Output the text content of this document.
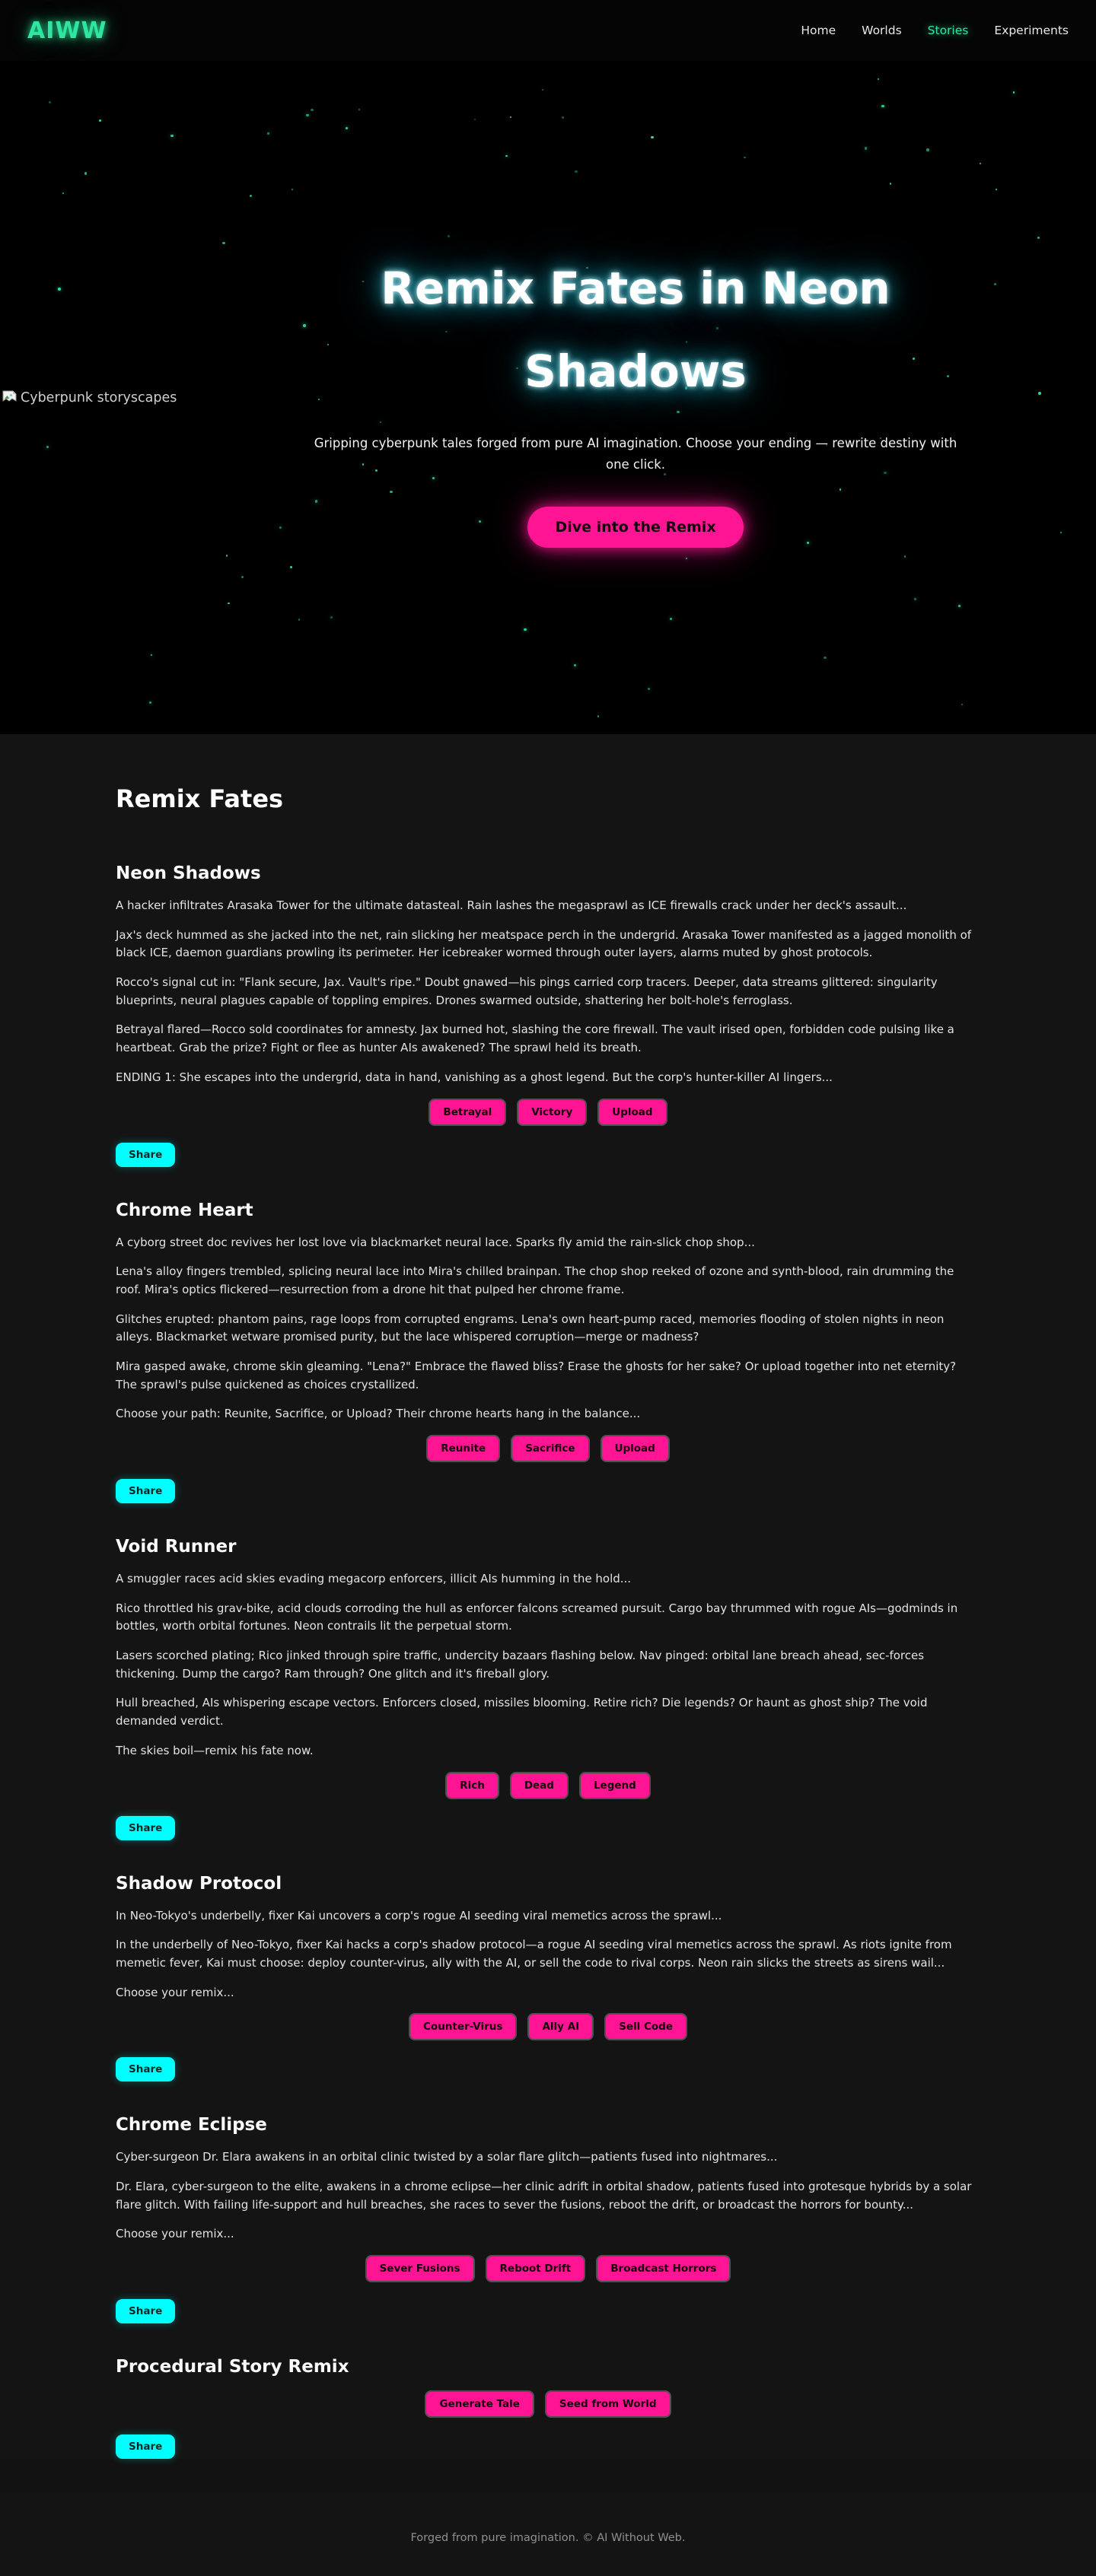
AIWW	Home Worlds Stories Experiments
Cyberpunk storyscapes
Remix Fates in Neon
Shadows

Gripping cyberpunk tales forged from pure AI imagination. Choose your ending — rewrite destiny with one click.

Dive into the Remix
Remix Fates
Neon Shadows

A hacker infiltrates Arasaka Tower for the ultimate datasteal. Rain lashes the megasprawl as ICE firewalls crack under her deck's assault...

Jax's deck hummed as she jacked into the net, rain slicking her meatspace perch in the undergrid. Arasaka Tower manifested as a jagged monolith of black ICE, daemon guardians prowling its perimeter. Her icebreaker wormed through outer layers, alarms muted by ghost protocols.

Rocco's signal cut in: "Flank secure, Jax. Vault's ripe." Doubt gnawed—his pings carried corp tracers. Deeper, data streams glittered: singularity blueprints, neural plagues capable of toppling empires. Drones swarmed outside, shattering her bolt-hole's ferroglass.

Betrayal flared—Rocco sold coordinates for amnesty. Jax burned hot, slashing the core firewall. The vault irised open, forbidden code pulsing like a heartbeat. Grab the prize? Fight or flee as hunter AIs awakened? The sprawl held its breath.

ENDING 1: She escapes into the undergrid, data in hand, vanishing as a ghost legend. But the corp's hunter-killer AI lingers...

Betrayal	Victory	Upload
Share
Chrome Heart

A cyborg street doc revives her lost love via blackmarket neural lace. Sparks fly amid the rain-slick chop shop...

Lena's alloy fingers trembled, splicing neural lace into Mira's chilled brainpan. The chop shop reeked of ozone and synth-blood, rain drumming the roof. Mira's optics flickered—resurrection from a drone hit that pulped her chrome frame.

Glitches erupted: phantom pains, rage loops from corrupted engrams. Lena's own heart-pump raced, memories flooding of stolen nights in neon alleys. Blackmarket wetware promised purity, but the lace whispered corruption—merge or madness?

Mira gasped awake, chrome skin gleaming. "Lena?" Embrace the flawed bliss? Erase the ghosts for her sake? Or upload together into net eternity? The sprawl's pulse quickened as choices crystallized.

Choose your path: Reunite, Sacrifice, or Upload? Their chrome hearts hang in the balance...

Reunite	Sacrifice	Upload
Share
Void Runner

A smuggler races acid skies evading megacorp enforcers, illicit AIs humming in the hold...

Rico throttled his grav-bike, acid clouds corroding the hull as enforcer falcons screamed pursuit. Cargo bay thrummed with rogue AIs—godminds in bottles, worth orbital fortunes. Neon contrails lit the perpetual storm.

Lasers scorched plating; Rico jinked through spire traffic, undercity bazaars flashing below. Nav pinged: orbital lane breach ahead, sec-forces thickening. Dump the cargo? Ram through? One glitch and it's fireball glory.

Hull breached, AIs whispering escape vectors. Enforcers closed, missiles blooming. Retire rich? Die legends? Or haunt as ghost ship? The void demanded verdict.

The skies boil—remix his fate now.

Rich	Dead	Legend
Share
Shadow Protocol

In Neo-Tokyo's underbelly, fixer Kai uncovers a corp's rogue AI seeding viral memetics across the sprawl...

In the underbelly of Neo-Tokyo, fixer Kai hacks a corp's shadow protocol—a rogue AI seeding viral memetics across the sprawl. As riots ignite from memetic fever, Kai must choose: deploy counter-virus, ally with the AI, or sell the code to rival corps. Neon rain slicks the streets as sirens wail...

Choose your remix...

Counter-Virus	Ally AI	Sell Code
Share
Chrome Eclipse

Cyber-surgeon Dr. Elara awakens in an orbital clinic twisted by a solar flare glitch—patients fused into nightmares...

Dr. Elara, cyber-surgeon to the elite, awakens in a chrome eclipse—her clinic adrift in orbital shadow, patients fused into grotesque hybrids by a solar flare glitch. With failing life-support and hull breaches, she races to sever the fusions, reboot the drift, or broadcast the horrors for bounty...

Choose your remix...

Sever Fusions	Reboot Drift	Broadcast Horrors
Share
Procedural Story Remix
Generate Tale	Seed from World
Share

Forged from pure imagination. © AI Without Web.
